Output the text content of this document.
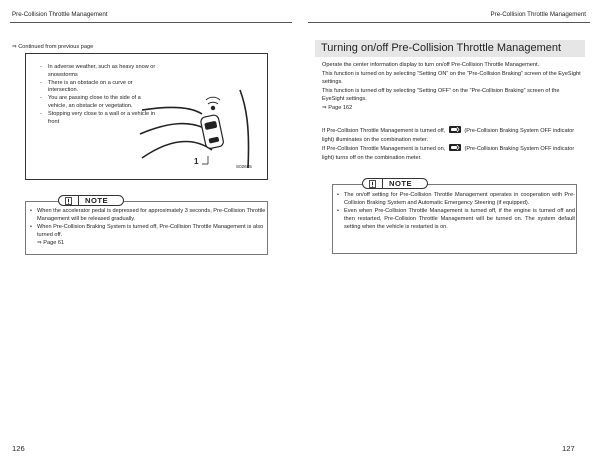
Pre-Collision Throttle Management	Pre-Collision Throttle Management
⇒ Continued from previous page
- In adverse weather, such as heavy snow or snowstorms
- There is an obstacle on a curve or intersection.
- You are passing close to the side of a vehicle, an obstacle or vegetation.
- Stopping very close to a wall or a vehicle in front
1
S02685
NOTE
• When the accelerator pedal is depressed for approximately 3 seconds, Pre-Collision Throttle Management will be released gradually.
• When Pre-Collision Braking System is turned off, Pre-Collision Throttle Management is also turned off.
⇒ Page 61
126
Turning on/off Pre-Collision Throttle Management
Operate the center information display to turn on/off Pre-Collision Throttle Management.
This function is turned on by selecting “Setting ON” on the “Pre-Collision Braking” screen of the EyeSight settings.
This function is turned off by selecting “Setting OFF” on the “Pre-Collision Braking” screen of the EyeSight settings.
⇒ Page 162
If Pre-Collision Throttle Management is turned off,	(Pre-Collision Braking System OFF indicator light) illuminates on the combination meter.
If Pre-Collision Throttle Management is turned on,	(Pre-Collision Braking System OFF indicator light) turns off on the combination meter.
NOTE
• The on/off setting for Pre-Collision Throttle Management operates in cooperation with Pre-Collision Braking System and Automatic Emergency Steering (if equipped).
• Even when Pre-Collision Throttle Management is turned off, if the engine is turned off and then restarted, Pre-Collision Throttle Management will be turned on. The system default setting when the vehicle is restarted is on.
127
